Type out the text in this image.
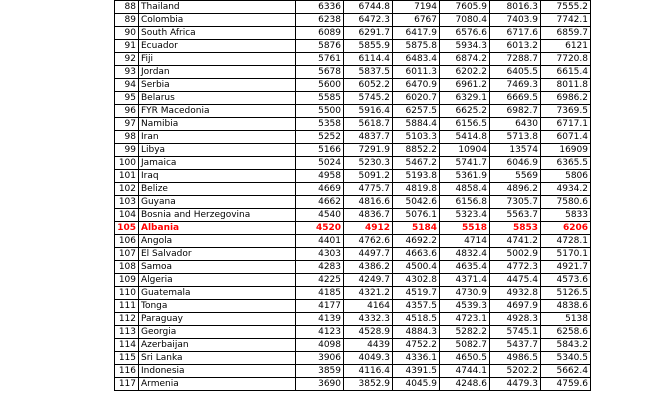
88	Thailand	6336	6744.8	7194	7605.9	8016.3	7555.2
89	Colombia	6238	6472.3	6767	7080.4	7403.9	7742.1
90	South Africa	6089	6291.7	6417.9	6576.6	6717.6	6859.7
91	Ecuador	5876	5855.9	5875.8	5934.3	6013.2	6121
92	Fiji	5761	6114.4	6483.4	6874.2	7288.7	7720.8
93	Jordan	5678	5837.5	6011.3	6202.2	6405.5	6615.4
94	Serbia	5600	6052.2	6470.9	6961.2	7469.3	8011.8
95	Belarus	5585	5745.2	6020.7	6329.1	6669.5	6986.2
96	FYR Macedonia	5500	5916.4	6257.5	6625.2	6982.7	7369.5
97	Namibia	5358	5618.7	5884.4	6156.5	6430	6717.1
98	Iran	5252	4837.7	5103.3	5414.8	5713.8	6071.4
99	Libya	5166	7291.9	8852.2	10904	13574	16909
100	Jamaica	5024	5230.3	5467.2	5741.7	6046.9	6365.5
101	Iraq	4958	5091.2	5193.8	5361.9	5569	5806
102	Belize	4669	4775.7	4819.8	4858.4	4896.2	4934.2
103	Guyana	4662	4816.6	5042.6	6156.8	7305.7	7580.6
104	Bosnia and Herzegovina	4540	4836.7	5076.1	5323.4	5563.7	5833
105	Albania	4520	4912	5184	5518	5853	6206
106	Angola	4401	4762.6	4692.2	4714	4741.2	4728.1
107	El Salvador	4303	4497.7	4663.6	4832.4	5002.9	5170.1
108	Samoa	4283	4386.2	4500.4	4635.4	4772.3	4921.7
109	Algeria	4225	4249.7	4302.8	4371.4	4475.4	4573.6
110	Guatemala	4185	4321.2	4519.7	4730.9	4932.8	5126.5
111	Tonga	4177	4164	4357.5	4539.3	4697.9	4838.6
112	Paraguay	4139	4332.3	4518.5	4723.1	4928.3	5138
113	Georgia	4123	4528.9	4884.3	5282.2	5745.1	6258.6
114	Azerbaijan	4098	4439	4752.2	5082.7	5437.7	5843.2
115	Sri Lanka	3906	4049.3	4336.1	4650.5	4986.5	5340.5
116	Indonesia	3859	4116.4	4391.5	4744.1	5202.2	5662.4
117	Armenia	3690	3852.9	4045.9	4248.6	4479.3	4759.6
